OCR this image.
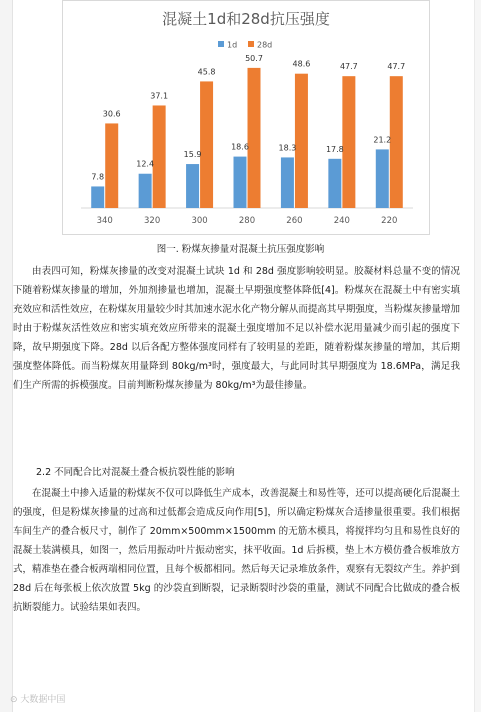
混凝土1d和28d抗压强度
1d 28d
7.8
30.6
12.4
37.1
15.9
45.8
18.6
50.7
18.3
48.6
17.8
47.7
21.2
47.7
340	320	300	280	260	240	220
图一. 粉煤灰掺量对混凝土抗压强度影响

由表四可知，粉煤灰掺量的改变对混凝土试块 1d 和 28d 强度影响较明显。胶凝材料总量不变的情况下随着粉煤灰掺量的增加，外加剂掺量也增加，混凝土早期强度整体降低[4]。粉煤灰在混凝土中有密实填充效应和活性效应，在粉煤灰用量较少时其加速水泥水化产物分解从而提高其早期强度，当粉煤灰掺量增加时由于粉煤灰活性效应和密实填充效应所带来的混凝土强度增加不足以补偿水泥用量减少而引起的强度下降，故早期强度下降。28d 以后各配方整体强度同样有了较明显的差距，随着粉煤灰掺量的增加，其后期强度整体降低。而当粉煤灰用量降到 80kg/m³时，强度最大，与此同时其早期强度为 18.6MPa，满足我们生产所需的拆模强度。目前判断粉煤灰掺量为 80kg/m³为最佳掺量。

2.2 不同配合比对混凝土叠合板抗裂性能的影响

在混凝土中掺入适量的粉煤灰不仅可以降低生产成本，改善混凝土和易性等，还可以提高硬化后混凝土的强度，但是粉煤灰掺量的过高和过低都会造成反向作用[5]，所以确定粉煤灰合适掺量很重要。我们根据车间生产的叠合板尺寸，制作了 20mm×500mm×1500mm 的无筋木模具，将搅拌均匀且和易性良好的混凝土装满模具，如图一，然后用振动叶片振动密实，抹平收面。1d 后拆模，垫上木方模仿叠合板堆放方式，精准垫在叠合板两端相同位置，且每个板都相同。然后每天记录堆放条件，观察有无裂纹产生。养护到 28d 后在每张板上依次放置 5kg 的沙袋直到断裂，记录断裂时沙袋的重量，测试不同配合比做成的叠合板抗断裂能力。试验结果如表四。

⊙ 大数据中国
